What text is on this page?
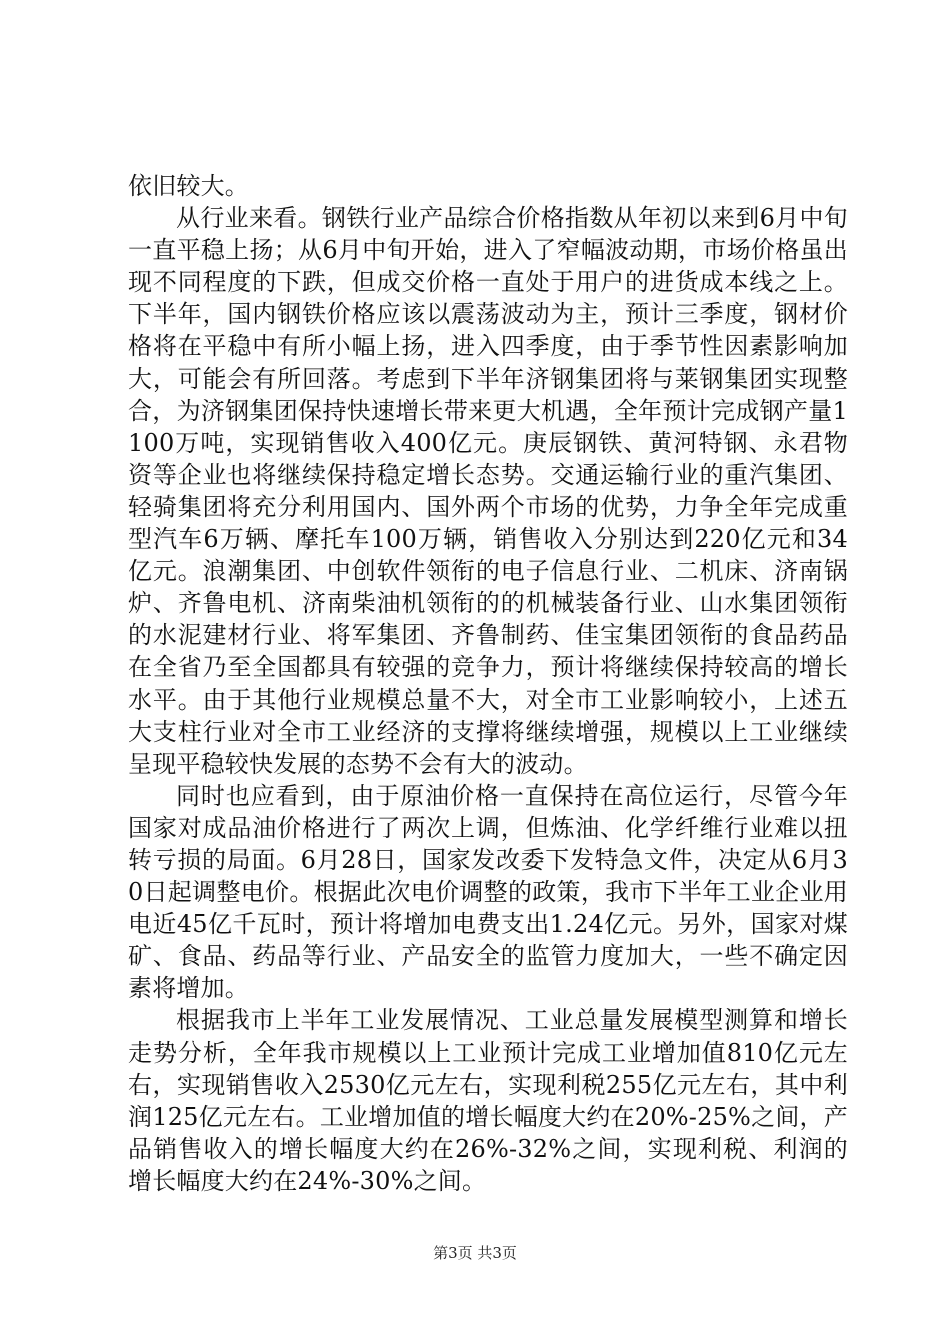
依旧较大。

从行业来看。钢铁行业产品综合价格指数从年初以来到6月中旬一直平稳上扬；从6月中旬开始，进入了窄幅波动期，市场价格虽出现不同程度的下跌，但成交价格一直处于用户的进货成本线之上。下半年，国内钢铁价格应该以震荡波动为主，预计三季度，钢材价格将在平稳中有所小幅上扬，进入四季度，由于季节性因素影响加大，可能会有所回落。考虑到下半年济钢集团将与莱钢集团实现整合，为济钢集团保持快速增长带来更大机遇，全年预计完成钢产量1100万吨，实现销售收入400亿元。庚辰钢铁、黄河特钢、永君物资等企业也将继续保持稳定增长态势。交通运输行业的重汽集团、轻骑集团将充分利用国内、国外两个市场的优势，力争全年完成重型汽车6万辆、摩托车100万辆，销售收入分别达到220亿元和34亿元。浪潮集团、中创软件领衔的电子信息行业、二机床、济南锅炉、齐鲁电机、济南柴油机领衔的的机械装备行业、山水集团领衔的水泥建材行业、将军集团、齐鲁制药、佳宝集团领衔的食品药品在全省乃至全国都具有较强的竞争力，预计将继续保持较高的增长水平。由于其他行业规模总量不大，对全市工业影响较小，上述五大支柱行业对全市工业经济的支撑将继续增强，规模以上工业继续呈现平稳较快发展的态势不会有大的波动。

同时也应看到，由于原油价格一直保持在高位运行，尽管今年国家对成品油价格进行了两次上调，但炼油、化学纤维行业难以扭转亏损的局面。6月28日，国家发改委下发特急文件，决定从6月30日起调整电价。根据此次电价调整的政策，我市下半年工业企业用电近45亿千瓦时，预计将增加电费支出1.24亿元。另外，国家对煤矿、食品、药品等行业、产品安全的监管力度加大，一些不确定因素将增加。

根据我市上半年工业发展情况、工业总量发展模型测算和增长走势分析，全年我市规模以上工业预计完成工业增加值810亿元左右，实现销售收入2530亿元左右，实现利税255亿元左右，其中利润125亿元左右。工业增加值的增长幅度大约在20%-25%之间，产品销售收入的增长幅度大约在26%-32%之间，实现利税、利润的增长幅度大约在24%-30%之间。

第3页 共3页
